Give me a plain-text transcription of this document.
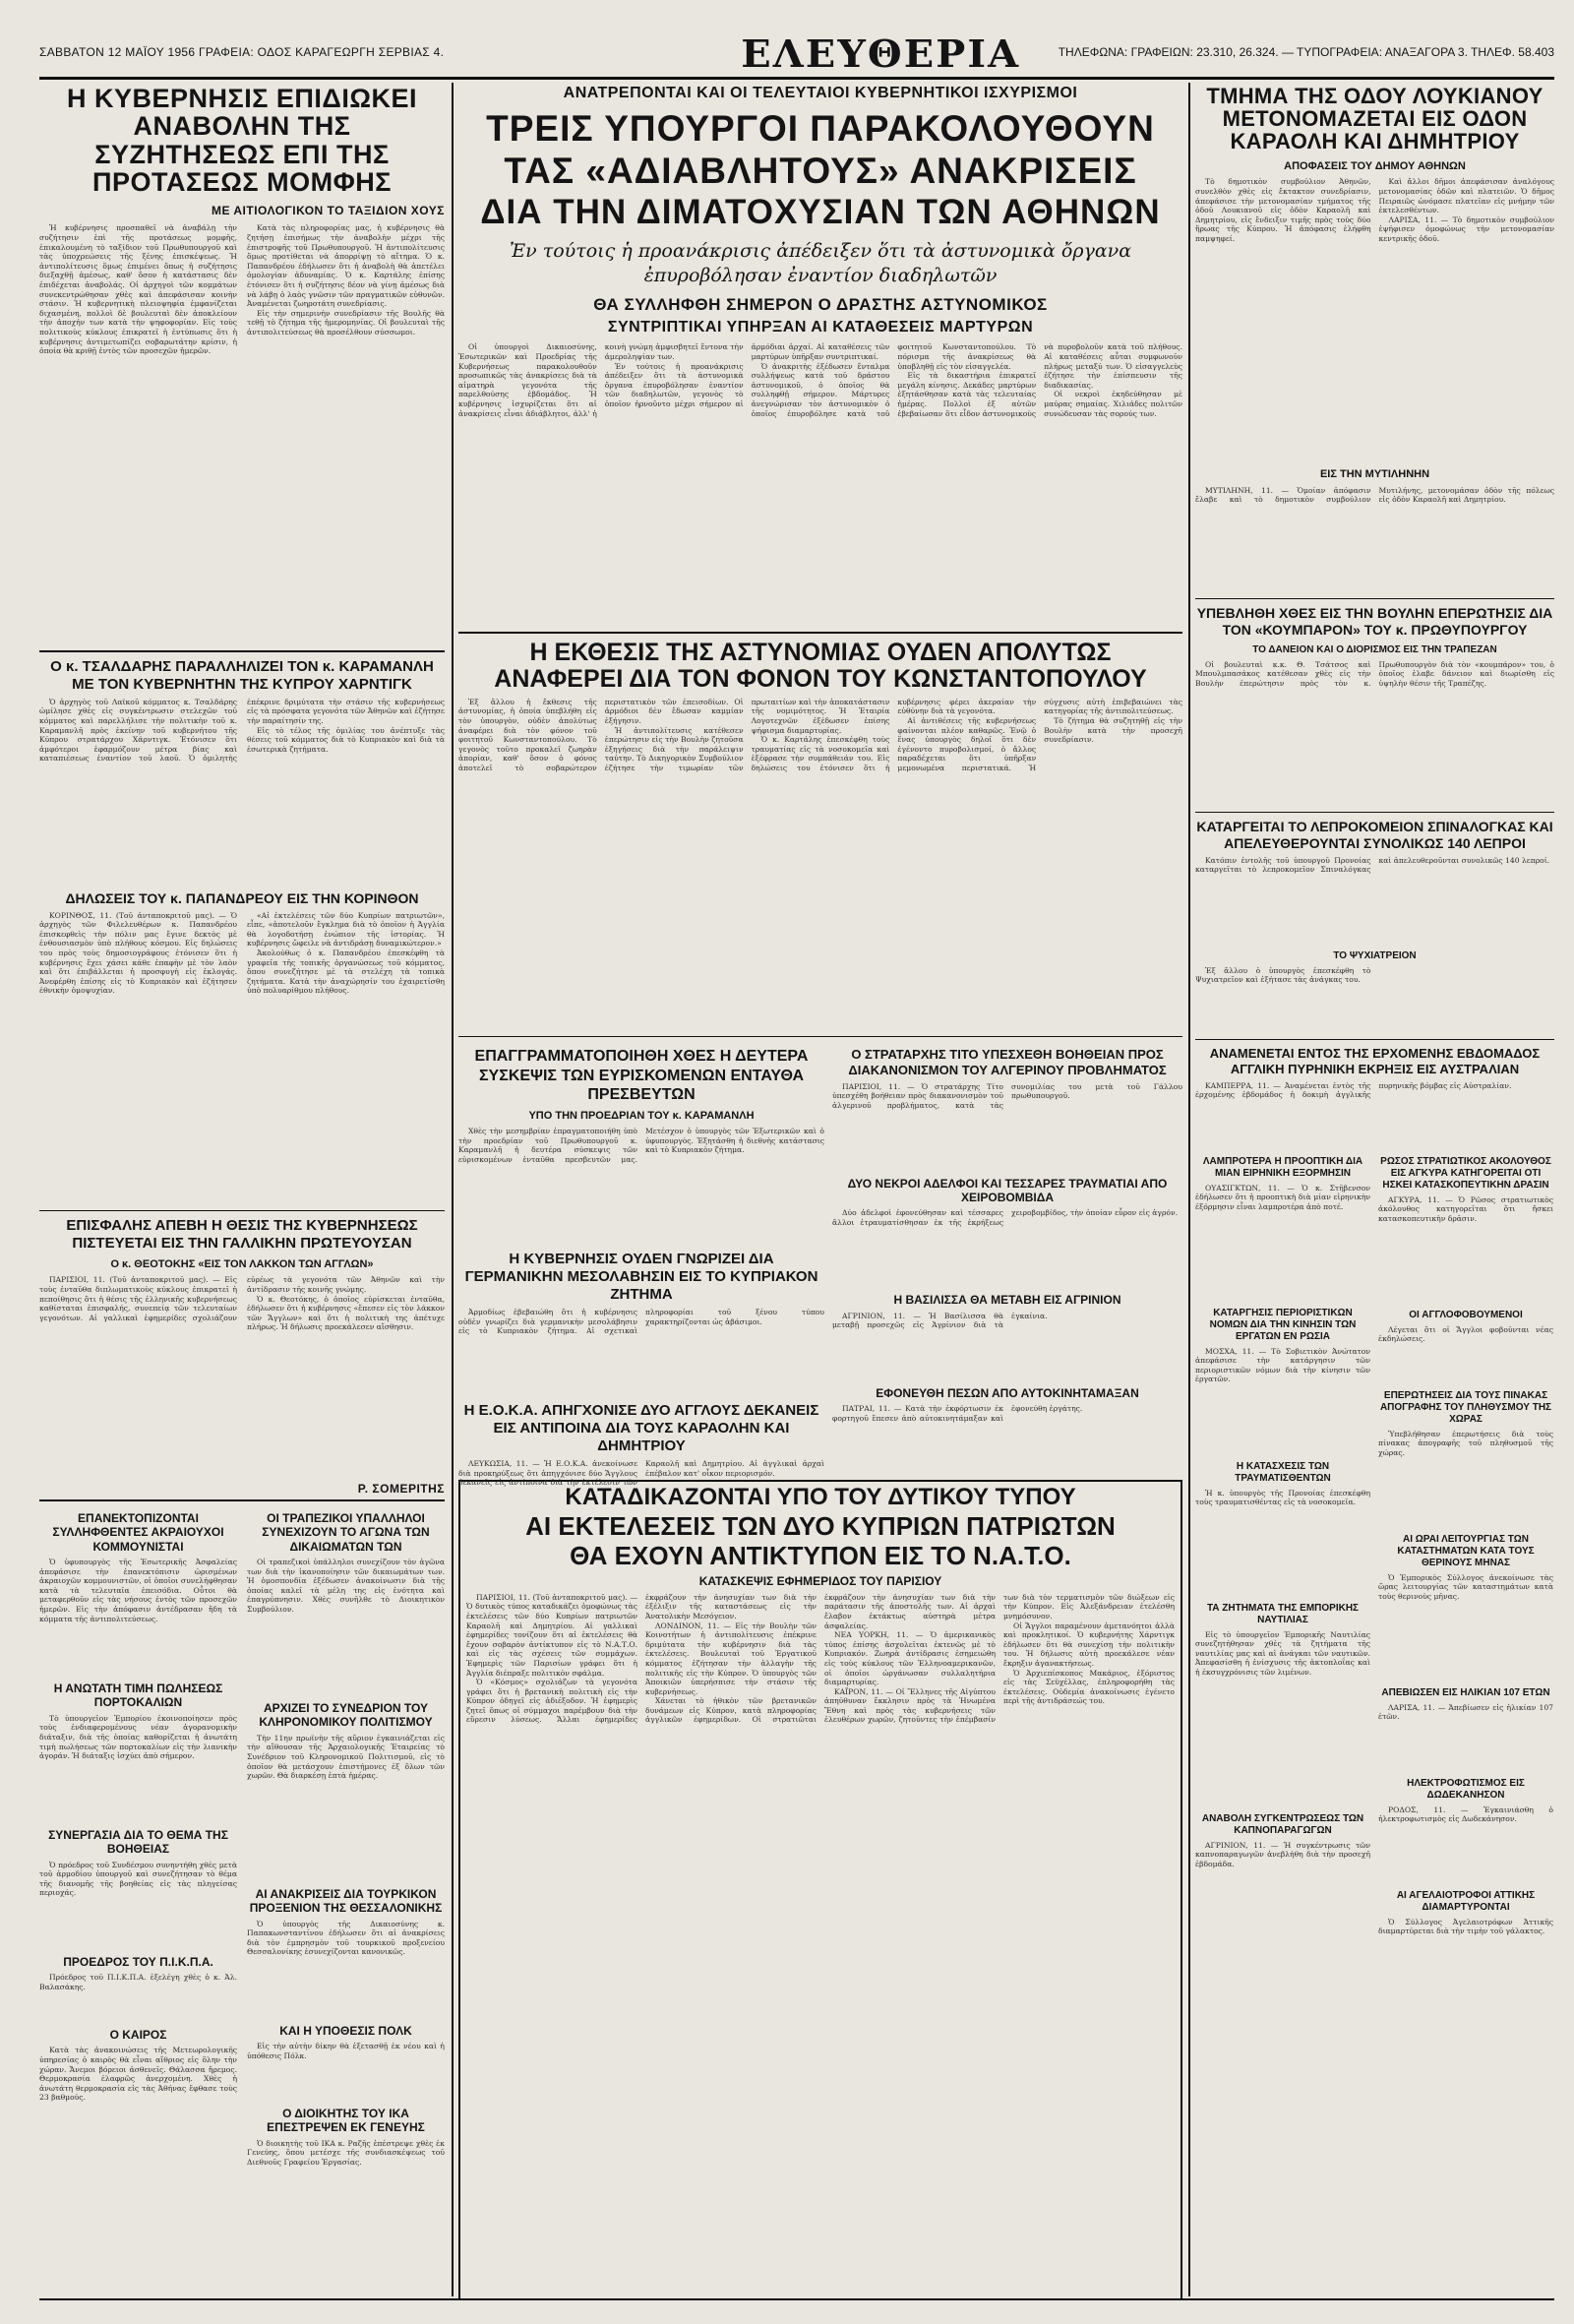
ΣΑΒΒΑΤΟΝ 12 ΜΑΪΟΥ 1956 ΓΡΑΦΕΙΑ: ΟΔΟΣ ΚΑΡΑΓΕΩΡΓΗ ΣΕΡΒΙΑΣ 4.	ΕΛΕΥΘΕΡΙΑ	ΤΗΛΕΦΩΝΑ: ΓΡΑΦΕΙΩΝ: 23.310, 26.324. — ΤΥΠΟΓΡΑΦΕΙΑ: ΑΝΑΞΑΓΟΡΑ 3. ΤΗΛΕΦ. 58.403
Η ΚΥΒΕΡΝΗΣΙΣ ΕΠΙΔΙΩΚΕΙ ΑΝΑΒΟΛΗΝ ΤΗΣ ΣΥΖΗΤΗΣΕΩΣ ΕΠΙ ΤΗΣ ΠΡΟΤΑΣΕΩΣ ΜΟΜΦΗΣ
ΜΕ ΑΙΤΙΟΛΟΓΙΚΟΝ ΤΟ ΤΑΞΙΔΙΟΝ ΧΟΥΣ

Ἡ κυβέρνησις προσπαθεῖ νὰ ἀναβάλῃ τὴν συζήτησιν ἐπὶ τῆς προτάσεως μομφῆς, ἐπικαλουμένη τὸ ταξίδιον τοῦ Πρωθυπουργοῦ καὶ τὰς ὑποχρεώσεις τῆς ξένης ἐπισκέψεως. Ἡ ἀντιπολίτευσις ὅμως ἐπιμένει ὅπως ἡ συζήτησις διεξαχθῇ ἀμέσως, καθ' ὅσον ἡ κατάστασις δὲν ἐπιδέχεται ἀναβολάς. Οἱ ἀρχηγοὶ τῶν κομμάτων συνεκεντρώθησαν χθὲς καὶ ἀπεφάσισαν κοινὴν στάσιν. Ἡ κυβερνητικὴ πλειοψηφία ἐμφανίζεται διχασμένη, πολλοὶ δὲ βουλευταὶ δὲν ἀποκλείουν τὴν ἀποχήν των κατὰ τὴν ψηφοφορίαν. Εἰς τοὺς πολιτικοὺς κύκλους ἐπικρατεῖ ἡ ἐντύπωσις ὅτι ἡ κυβέρνησις ἀντιμετωπίζει σοβαρωτάτην κρίσιν, ἡ ὁποία θὰ κριθῇ ἐντὸς τῶν προσεχῶν ἡμερῶν.

Κατὰ τὰς πληροφορίας μας, ἡ κυβέρνησις θὰ ζητήσῃ ἐπισήμως τὴν ἀναβολὴν μέχρι τῆς ἐπιστροφῆς τοῦ Πρωθυπουργοῦ. Ἡ ἀντιπολίτευσις ὅμως προτίθεται νὰ ἀπορρίψῃ τὸ αἴτημα. Ὁ κ. Παπανδρέου ἐδήλωσεν ὅτι ἡ ἀναβολὴ θὰ ἀπετέλει ὁμολογίαν ἀδυναμίας. Ὁ κ. Καρτάλης ἐπίσης ἐτόνισεν ὅτι ἡ συζήτησις δέον νὰ γίνῃ ἀμέσως διὰ νὰ λάβῃ ὁ λαὸς γνῶσιν τῶν πραγματικῶν εὐθυνῶν. Ἀναμένεται ζωηροτάτη συνεδρίασις.

Εἰς τὴν σημερινὴν συνεδρίασιν τῆς Βουλῆς θὰ τεθῇ τὸ ζήτημα τῆς ἡμερομηνίας. Οἱ βουλευταὶ τῆς ἀντιπολιτεύσεως θὰ προσέλθουν σύσσωμοι.

Ο κ. ΤΣΑΛΔΑΡΗΣ ΠΑΡΑΛΛΗΛΙΖΕΙ ΤΟΝ κ. ΚΑΡΑΜΑΝΛΗ ΜΕ ΤΟΝ ΚΥΒΕΡΝΗΤΗΝ ΤΗΣ ΚΥΠΡΟΥ ΧΑΡΝΤΙΓΚ

Ὁ ἀρχηγὸς τοῦ Λαϊκοῦ κόμματος κ. Τσαλδάρης ὡμίλησε χθὲς εἰς συγκέντρωσιν στελεχῶν τοῦ κόμματος καὶ παρελλήλισε τὴν πολιτικὴν τοῦ κ. Καραμανλῆ πρὸς ἐκείνην τοῦ κυβερνήτου τῆς Κύπρου στρατάρχου Χάρντιγκ. Ἐτόνισεν ὅτι ἀμφότεροι ἐφαρμόζουν μέτρα βίας καὶ καταπιέσεως ἐναντίον τοῦ λαοῦ. Ὁ ὁμιλητὴς ἐπέκρινε δριμύτατα τὴν στάσιν τῆς κυβερνήσεως εἰς τὰ πρόσφατα γεγονότα τῶν Ἀθηνῶν καὶ ἐζήτησε τὴν παραίτησίν της.

Εἰς τὸ τέλος τῆς ὁμιλίας του ἀνέπτυξε τὰς θέσεις τοῦ κόμματος διὰ τὸ Κυπριακὸν καὶ διὰ τὰ ἐσωτερικὰ ζητήματα.

ΔΗΛΩΣΕΙΣ ΤΟΥ κ. ΠΑΠΑΝΔΡΕΟΥ ΕΙΣ ΤΗΝ ΚΟΡΙΝΘΟΝ

ΚΟΡΙΝΘΟΣ, 11. (Τοῦ ἀνταποκριτοῦ μας). — Ὁ ἀρχηγὸς τῶν Φιλελευθέρων κ. Παπανδρέου ἐπισκεφθεὶς τὴν πόλιν μας ἔγινε δεκτὸς μὲ ἐνθουσιασμὸν ὑπὸ πλήθους κόσμου. Εἰς δηλώσεις του πρὸς τοὺς δημοσιογράφους ἐτόνισεν ὅτι ἡ κυβέρνησις ἔχει χάσει κάθε ἐπαφὴν μὲ τὸν λαὸν καὶ ὅτι ἐπιβάλλεται ἡ προσφυγὴ εἰς ἐκλογάς. Ἀνεφέρθη ἐπίσης εἰς τὸ Κυπριακὸν καὶ ἐζήτησεν ἐθνικὴν ὁμοψυχίαν.

«Αἱ ἐκτελέσεις τῶν δύο Κυπρίων πατριωτῶν», εἶπε, «ἀποτελοῦν ἔγκλημα διὰ τὸ ὁποῖον ἡ Ἀγγλία θὰ λογοδοτήσῃ ἐνώπιον τῆς ἱστορίας. Ἡ κυβέρνησις ὤφειλε νὰ ἀντιδράσῃ δυναμικώτερον.»

Ἀκολούθως ὁ κ. Παπανδρέου ἐπεσκέφθη τὰ γραφεῖα τῆς τοπικῆς ὀργανώσεως τοῦ κόμματος, ὅπου συνεζήτησε μὲ τὰ στελέχη τὰ τοπικὰ ζητήματα. Κατὰ τὴν ἀναχώρησίν του ἐχαιρετίσθη ὑπὸ πολυαρίθμου πλήθους.

ΕΠΙΣΦΑΛΗΣ ΑΠΕΒΗ Η ΘΕΣΙΣ ΤΗΣ ΚΥΒΕΡΝΗΣΕΩΣ ΠΙΣΤΕΥΕΤΑΙ ΕΙΣ ΤΗΝ ΓΑΛΛΙΚΗΝ ΠΡΩΤΕΥΟΥΣΑΝ
Ο κ. ΘΕΟΤΟΚΗΣ «ΕΙΣ ΤΟΝ ΛΑΚΚΟΝ ΤΩΝ ΑΓΓΛΩΝ»

ΠΑΡΙΣΙΟΙ, 11. (Τοῦ ἀνταποκριτοῦ μας). — Εἰς τοὺς ἐνταῦθα διπλωματικοὺς κύκλους ἐπικρατεῖ ἡ πεποίθησις ὅτι ἡ θέσις τῆς ἑλληνικῆς κυβερνήσεως καθίσταται ἐπισφαλής, συνεπείᾳ τῶν τελευταίων γεγονότων. Αἱ γαλλικαὶ ἐφημερίδες σχολιάζουν εὐρέως τὰ γεγονότα τῶν Ἀθηνῶν καὶ τὴν ἀντίδρασιν τῆς κοινῆς γνώμης.

Ὁ κ. Θεοτόκης, ὁ ὁποῖος εὑρίσκεται ἐνταῦθα, ἐδήλωσεν ὅτι ἡ κυβέρνησις «ἔπεσεν εἰς τὸν λάκκον τῶν Ἄγγλων» καὶ ὅτι ἡ πολιτικὴ της ἀπέτυχε πλήρως. Ἡ δήλωσις προεκάλεσεν αἴσθησιν.

Ρ. ΣΟΜΕΡΙΤΗΣ
ΕΠΑΝΕΚΤΟΠΙΖΟΝΤΑΙ ΣΥΛΛΗΦΘΕΝΤΕΣ ΑΚΡΑΙΟΥΧΟΙ ΚΟΜΜΟΥΝΙΣΤΑΙ

Ὁ ὑφυπουργὸς τῆς Ἐσωτερικῆς Ἀσφαλείας ἀπεφάσισε τὴν ἐπανεκτόπισιν ὡρισμένων ἀκραιοχῶν κομμουνιστῶν, οἱ ὁποῖοι συνελήφθησαν κατὰ τὰ τελευταῖα ἐπεισόδια. Οὗτοι θὰ μεταφερθοῦν εἰς τὰς νήσους ἐντὸς τῶν προσεχῶν ἡμερῶν. Εἰς τὴν ἀπόφασιν ἀντέδρασαν ἤδη τὰ κόμματα τῆς ἀντιπολιτεύσεως.

Η ΑΝΩΤΑΤΗ ΤΙΜΗ ΠΩΛΗΣΕΩΣ ΠΟΡΤΟΚΑΛΙΩΝ

Τὸ ὑπουργεῖον Ἐμπορίου ἐκοινοποίησεν πρὸς τοὺς ἐνδιαφερομένους νέαν ἀγορανομικὴν διάταξιν, διὰ τῆς ὁποίας καθορίζεται ἡ ἀνωτάτη τιμὴ πωλήσεως τῶν πορτοκαλίων εἰς τὴν λιανικὴν ἀγοράν. Ἡ διάταξις ἰσχύει ἀπὸ σήμερον.

ΣΥΝΕΡΓΑΣΙΑ ΔΙΑ ΤΟ ΘΕΜΑ ΤΗΣ ΒΟΗΘΕΙΑΣ

Ὁ πρόεδρος τοῦ Συνδέσμου συνηντήθη χθὲς μετὰ τοῦ ἀρμοδίου ὑπουργοῦ καὶ συνεζήτησαν τὸ θέμα τῆς διανομῆς τῆς βοηθείας εἰς τὰς πληγείσας περιοχάς.

ΠΡΟΕΔΡΟΣ ΤΟΥ Π.Ι.Κ.Π.Α.

Πρόεδρος τοῦ Π.Ι.Κ.Π.Α. ἐξελέγη χθὲς ὁ κ. Ἀλ. Βαλασάκης.

Ο ΚΑΙΡΟΣ

Κατὰ τὰς ἀνακοινώσεις τῆς Μετεωρολογικῆς ὑπηρεσίας ὁ καιρὸς θὰ εἶναι αἴθριος εἰς ὅλην τὴν χώραν. Ἄνεμοι βόρειοι ἀσθενεῖς. Θάλασσα ἤρεμος. Θερμοκρασία ἐλαφρῶς ἀνερχομένη. Χθὲς ἡ ἀνωτάτη θερμοκρασία εἰς τὰς Ἀθήνας ἔφθασε τοὺς 23 βαθμούς.

ΟΙ ΤΡΑΠΕΖΙΚΟΙ ΥΠΑΛΛΗΛΟΙ ΣΥΝΕΧΙΖΟΥΝ ΤΟ ΑΓΩΝΑ ΤΩΝ ΔΙΚΑΙΩΜΑΤΩΝ ΤΩΝ

Οἱ τραπεζικοὶ ὑπάλληλοι συνεχίζουν τὸν ἀγῶνα των διὰ τὴν ἱκανοποίησιν τῶν δικαιωμάτων των. Ἡ ὁμοσπονδία ἐξέδωσεν ἀνακοίνωσιν διὰ τῆς ὁποίας καλεῖ τὰ μέλη της εἰς ἑνότητα καὶ ἐπαγρύπνησιν. Χθὲς συνῆλθε τὸ Διοικητικὸν Συμβούλιον.

ΑΡΧΙΖΕΙ ΤΟ ΣΥΝΕΔΡΙΟΝ ΤΟΥ ΚΛΗΡΟΝΟΜΙΚΟΥ ΠΟΛΙΤΙΣΜΟΥ

Τὴν 11ην πρωϊνὴν τῆς αὔριον ἐγκαινιάζεται εἰς τὴν αἴθουσαν τῆς Ἀρχαιολογικῆς Ἑταιρείας τὸ Συνέδριον τοῦ Κληρονομικοῦ Πολιτισμοῦ, εἰς τὸ ὁποῖον θὰ μετάσχουν ἐπιστήμονες ἐξ ὅλων τῶν χωρῶν. Θὰ διαρκέσῃ ἑπτὰ ἡμέρας.

ΑΙ ΑΝΑΚΡΙΣΕΙΣ ΔΙΑ ΤΟΥΡΚΙΚΟΝ ΠΡΟΞΕΝΙΟΝ ΤΗΣ ΘΕΣΣΑΛΟΝΙΚΗΣ

Ὁ ὑπουργὸς τῆς Δικαιοσύνης κ. Παπακωνσταντίνου ἐδήλωσεν ὅτι αἱ ἀνακρίσεις διὰ τὸν ἐμπρησμὸν τοῦ τουρκικοῦ προξενείου Θεσσαλονίκης ἐσυνεχίζονται κανονικῶς.

ΚΑΙ Η ΥΠΟΘΕΣΙΣ ΠΟΛΚ

Εἰς τὴν αὐτὴν δίκην θὰ ἐξετασθῇ ἐκ νέου καὶ ἡ ὑπόθεσις Πόλκ.

Ο ΔΙΟΙΚΗΤΗΣ ΤΟΥ ΙΚΑ ΕΠΕΣΤΡΕΨΕΝ ΕΚ ΓΕΝΕΥΗΣ

Ὁ διοικητὴς τοῦ ΙΚΑ κ. Ραζῆς ἐπέστρεψε χθὲς ἐκ Γενεύης, ὅπου μετέσχε τῆς συνδιασκέψεως τοῦ Διεθνοῦς Γραφείου Ἐργασίας.

ΑΝΑΤΡΕΠΟΝΤΑΙ ΚΑΙ ΟΙ ΤΕΛΕΥΤΑΙΟΙ ΚΥΒΕΡΝΗΤΙΚΟΙ ΙΣΧΥΡΙΣΜΟΙ
ΤΡΕΙΣ ΥΠΟΥΡΓΟΙ ΠΑΡΑΚΟΛΟΥΘΟΥΝ
ΤΑΣ «ΑΔΙΑΒΛΗΤΟΥΣ» ΑΝΑΚΡΙΣΕΙΣ
ΔΙΑ ΤΗΝ ΔΙΜΑΤΟΧΥΣΙΑΝ ΤΩΝ ΑΘΗΝΩΝ
Ἐν τούτοις ἡ προανάκρισις ἀπέδειξεν ὅτι τὰ ἀστυνομικὰ ὄργανα ἐπυροβόλησαν ἐναντίον διαδηλωτῶν
ΘΑ ΣΥΛΛΗΦΘΗ ΣΗΜΕΡΟΝ Ο ΔΡΑΣΤΗΣ ΑΣΤΥΝΟΜΙΚΟΣ
ΣΥΝΤΡΙΠΤΙΚΑΙ ΥΠΗΡΞΑΝ ΑΙ ΚΑΤΑΘΕΣΕΙΣ ΜΑΡΤΥΡΩΝ

Οἱ ὑπουργοὶ Δικαιοσύνης, Ἐσωτερικῶν καὶ Προεδρίας τῆς Κυβερνήσεως παρακολουθοῦν προσωπικῶς τὰς ἀνακρίσεις διὰ τὰ αἱματηρὰ γεγονότα τῆς παρελθούσης ἑβδομάδος. Ἡ κυβέρνησις ἰσχυρίζεται ὅτι αἱ ἀνακρίσεις εἶναι ἀδιάβλητοι, ἀλλ' ἡ κοινὴ γνώμη ἀμφισβητεῖ ἔντονα τὴν ἀμεροληψίαν των.

Ἐν τούτοις ἡ προανάκρισις ἀπέδειξεν ὅτι τὰ ἀστυνομικὰ ὄργανα ἐπυροβόλησαν ἐναντίον τῶν διαδηλωτῶν, γεγονὸς τὸ ὁποῖον ἠρνοῦντο μέχρι σήμερον αἱ ἀρμόδιαι ἀρχαί. Αἱ καταθέσεις τῶν μαρτύρων ὑπῆρξαν συντριπτικαί.

Ὁ ἀνακριτὴς ἐξέδωσεν ἔνταλμα συλλήψεως κατὰ τοῦ δράστου ἀστυνομικοῦ, ὁ ὁποῖος θὰ συλληφθῇ σήμερον. Μάρτυρες ἀνεγνώρισαν τὸν ἀστυνομικὸν ὁ ὁποῖος ἐπυροβόλησε κατὰ τοῦ φοιτητοῦ Κωνσταντοπούλου. Τὸ πόρισμα τῆς ἀνακρίσεως θὰ ὑποβληθῇ εἰς τὸν εἰσαγγελέα.

Εἰς τὰ δικαστήρια ἐπικρατεῖ μεγάλη κίνησις. Δεκάδες μαρτύρων ἐξητάσθησαν κατὰ τὰς τελευταίας ἡμέρας. Πολλοὶ ἐξ αὐτῶν ἐβεβαίωσαν ὅτι εἶδον ἀστυνομικοὺς νὰ πυροβολοῦν κατὰ τοῦ πλήθους. Αἱ καταθέσεις αὗται συμφωνοῦν πλήρως μεταξύ των. Ὁ εἰσαγγελεὺς ἐζήτησε τὴν ἐπίσπευσιν τῆς διαδικασίας.

Οἱ νεκροὶ ἐκηδεύθησαν μὲ μαύρας σημαίας. Χιλιάδες πολιτῶν συνώδευσαν τὰς σορούς των.

Η ΕΚΘΕΣΙΣ ΤΗΣ ΑΣΤΥΝΟΜΙΑΣ ΟΥΔΕΝ ΑΠΟΛΥΤΩΣ ΑΝΑΦΕΡΕΙ ΔΙΑ ΤΟΝ ΦΟΝΟΝ ΤΟΥ ΚΩΝΣΤΑΝΤΟΠΟΥΛΟΥ

Ἐξ ἄλλου ἡ ἔκθεσις τῆς ἀστυνομίας, ἡ ὁποία ὑπεβλήθη εἰς τὸν ὑπουργὸν, οὐδὲν ἀπολύτως ἀναφέρει διὰ τὸν φόνον τοῦ φοιτητοῦ Κωνσταντοπούλου. Τὸ γεγονὸς τοῦτο προκαλεῖ ζωηρὰν ἀπορίαν, καθ' ὅσον ὁ φόνος ἀποτελεῖ τὸ σοβαρώτερον περιστατικὸν τῶν ἐπεισοδίων. Οἱ ἀρμόδιοι δὲν ἔδωσαν καμμίαν ἐξήγησιν.

Ἡ ἀντιπολίτευσις κατέθεσεν ἐπερώτησιν εἰς τὴν Βουλὴν ζητοῦσα ἐξηγήσεις διὰ τὴν παράλειψιν ταύτην. Τὸ Δικηγορικὸν Συμβούλιον ἐζήτησε τὴν τιμωρίαν τῶν πρωταιτίων καὶ τὴν ἀποκατάστασιν τῆς νομιμότητος. Ἡ Ἑταιρία Λογοτεχνῶν ἐξέδωσεν ἐπίσης ψήφισμα διαμαρτυρίας.

Ὁ κ. Καρτάλης ἐπεσκέφθη τοὺς τραυματίας εἰς τὰ νοσοκομεῖα καὶ ἐξέφρασε τὴν συμπάθειάν του. Εἰς δηλώσεις του ἐτόνισεν ὅτι ἡ κυβέρνησις φέρει ἀκεραίαν τὴν εὐθύνην διὰ τὰ γεγονότα.

Αἱ ἀντιθέσεις τῆς κυβερνήσεως φαίνονται πλέον καθαρῶς. Ἐνῷ ὁ ἕνας ὑπουργὸς δηλοῖ ὅτι δὲν ἐγένοντο πυροβολισμοί, ὁ ἄλλος παραδέχεται ὅτι ὑπῆρξαν μεμονωμένα περιστατικά. Ἡ σύγχυσις αὐτὴ ἐπιβεβαιώνει τὰς κατηγορίας τῆς ἀντιπολιτεύσεως.

Τὸ ζήτημα θὰ συζητηθῇ εἰς τὴν Βουλὴν κατὰ τὴν προσεχῆ συνεδρίασιν.

ΕΠΑΓΓΡΑΜΜΑΤΟΠΟΙΗΘΗ ΧΘΕΣ Η ΔΕΥΤΕΡΑ ΣΥΣΚΕΨΙΣ ΤΩΝ ΕΥΡΙΣΚΟΜΕΝΩΝ ΕΝΤΑΥΘΑ ΠΡΕΣΒΕΥΤΩΝ
ΥΠΟ ΤΗΝ ΠΡΟΕΔΡΙΑΝ ΤΟΥ κ. ΚΑΡΑΜΑΝΛΗ

Χθὲς τὴν μεσημβρίαν ἐπραγματοποιήθη ὑπὸ τὴν προεδρίαν τοῦ Πρωθυπουργοῦ κ. Καραμανλῆ ἡ δευτέρα σύσκεψις τῶν εὑρισκομένων ἐνταῦθα πρεσβευτῶν μας. Μετέσχον ὁ ὑπουργὸς τῶν Ἐξωτερικῶν καὶ ὁ ὑφυπουργὸς. Ἐξητάσθη ἡ διεθνὴς κατάστασις καὶ τὸ Κυπριακὸν ζήτημα.

Η ΚΥΒΕΡΝΗΣΙΣ ΟΥΔΕΝ ΓΝΩΡΙΖΕΙ ΔΙΑ ΓΕΡΜΑΝΙΚΗΝ ΜΕΣΟΛΑΒΗΣΙΝ ΕΙΣ ΤΟ ΚΥΠΡΙΑΚΟΝ ΖΗΤΗΜΑ

Ἀρμοδίως ἐβεβαιώθη ὅτι ἡ κυβέρνησις οὐδὲν γνωρίζει διὰ γερμανικὴν μεσολάβησιν εἰς τὸ Κυπριακὸν ζήτημα. Αἱ σχετικαὶ πληροφορίαι τοῦ ξένου τύπου χαρακτηρίζονται ὡς ἀβάσιμοι.

Η Ε.Ο.Κ.Α. ΑΠΗΓΧΟΝΙΣΕ ΔΥΟ ΑΓΓΛΟΥΣ ΔΕΚΑΝΕΙΣ ΕΙΣ ΑΝΤΙΠΟΙΝΑ ΔΙΑ ΤΟΥΣ ΚΑΡΑΟΛΗΝ ΚΑΙ ΔΗΜΗΤΡΙΟΥ

ΛΕΥΚΩΣΙΑ, 11. — Ἡ Ε.Ο.Κ.Α. ἀνεκοίνωσε διὰ προκηρύξεως ὅτι ἀπηγχόνισε δύο Ἄγγλους δεκανεῖς εἰς ἀντίποινα διὰ τὴν ἐκτέλεσιν τῶν Καραολῆ καὶ Δημητρίου. Αἱ ἀγγλικαὶ ἀρχαὶ ἐπέβαλον κατ' οἶκον περιορισμόν.

Ο ΣΤΡΑΤΑΡΧΗΣ ΤΙΤΟ ΥΠΕΣΧΕΘΗ ΒΟΗΘΕΙΑΝ ΠΡΟΣ ΔΙΑΚΑΝΟΝΙΣΜΟΝ ΤΟΥ ΑΛΓΕΡΙΝΟΥ ΠΡΟΒΛΗΜΑΤΟΣ

ΠΑΡΙΣΙΟΙ, 11. — Ὁ στρατάρχης Τίτο ὑπεσχέθη βοήθειαν πρὸς διακανονισμὸν τοῦ ἀλγερινοῦ προβλήματος, κατὰ τὰς συνομιλίας του μετὰ τοῦ Γάλλου πρωθυπουργοῦ.

ΔΥΟ ΝΕΚΡΟΙ ΑΔΕΛΦΟΙ ΚΑΙ ΤΕΣΣΑΡΕΣ ΤΡΑΥΜΑΤΙΑΙ ΑΠΟ ΧΕΙΡΟΒΟΜΒΙΔΑ

Δύο ἀδελφοὶ ἐφονεύθησαν καὶ τέσσαρες ἄλλοι ἐτραυματίσθησαν ἐκ τῆς ἐκρήξεως χειροβομβίδος, τὴν ὁποίαν εὗρον εἰς ἀγρόν.

Η ΒΑΣΙΛΙΣΣΑ ΘΑ ΜΕΤΑΒΗ ΕΙΣ ΑΓΡΙΝΙΟΝ

ΑΓΡΙΝΙΟΝ, 11. — Ἡ Βασίλισσα θὰ μεταβῇ προσεχῶς εἰς Ἀγρίνιον διὰ τὰ ἐγκαίνια.

ΕΦΟΝΕΥΘΗ ΠΕΣΩΝ ΑΠΟ ΑΥΤΟΚΙΝΗΤΑΜΑΞΑΝ

ΠΑΤΡΑΙ, 11. — Κατὰ τὴν ἐκφόρτωσιν ἐκ φορτηγοῦ ἔπεσεν ἀπὸ αὐτοκινητάμαξαν καὶ ἐφονεύθη ἐργάτης.

ΚΑΤΑΔΙΚΑΖΟΝΤΑΙ ΥΠΟ ΤΟΥ ΔΥΤΙΚΟΥ ΤΥΠΟΥ
ΑΙ ΕΚΤΕΛΕΣΕΙΣ ΤΩΝ ΔΥΟ ΚΥΠΡΙΩΝ ΠΑΤΡΙΩΤΩΝ
ΘΑ ΕΧΟΥΝ ΑΝΤΙΚΤΥΠΟΝ ΕΙΣ ΤΟ Ν.Α.Τ.Ο.
ΚΑΤΑΣΚΕΨΙΣ ΕΦΗΜΕΡΙΔΟΣ ΤΟΥ ΠΑΡΙΣΙΟΥ

ΠΑΡΙΣΙΟΙ, 11. (Τοῦ ἀνταποκριτοῦ μας). — Ὁ δυτικὸς τύπος καταδικάζει ὁμοφώνως τὰς ἐκτελέσεις τῶν δύο Κυπρίων πατριωτῶν Καραολῆ καὶ Δημητρίου. Αἱ γαλλικαὶ ἐφημερίδες τονίζουν ὅτι αἱ ἐκτελέσεις θὰ ἔχουν σοβαρὸν ἀντίκτυπον εἰς τὸ Ν.Α.Τ.Ο. καὶ εἰς τὰς σχέσεις τῶν συμμάχων. Ἐφημερὶς τῶν Παρισίων γράφει ὅτι ἡ Ἀγγλία διέπραξε πολιτικὸν σφάλμα.

Ὁ «Κόσμος» σχολιάζων τὰ γεγονότα γράφει ὅτι ἡ βρετανικὴ πολιτικὴ εἰς τὴν Κύπρον ὁδηγεῖ εἰς ἀδιέξοδον. Ἡ ἐφημερὶς ζητεῖ ὅπως οἱ σύμμαχοι παρέμβουν διὰ τὴν εὕρεσιν λύσεως. Ἄλλαι ἐφημερίδες ἐκφράζουν τὴν ἀνησυχίαν των διὰ τὴν ἐξέλιξιν τῆς καταστάσεως εἰς τὴν Ἀνατολικὴν Μεσόγειον.

ΛΟΝΔΙΝΟΝ, 11. — Εἰς τὴν Βουλὴν τῶν Κοινοτήτων ἡ ἀντιπολίτευσις ἐπέκρινε δριμύτατα τὴν κυβέρνησιν διὰ τὰς ἐκτελέσεις. Βουλευταὶ τοῦ Ἐργατικοῦ κόμματος ἐζήτησαν τὴν ἀλλαγὴν τῆς πολιτικῆς εἰς τὴν Κύπρον. Ὁ ὑπουργὸς τῶν Ἀποικιῶν ὑπερήσπισε τὴν στάσιν τῆς κυβερνήσεως.

Χάνεται τὸ ἠθικὸν τῶν βρετανικῶν δυνάμεων εἰς Κύπρον, κατὰ πληροφορίας ἀγγλικῶν ἐφημερίδων. Οἱ στρατιῶται ἐκφράζουν τὴν ἀνησυχίαν των διὰ τὴν παράτασιν τῆς ἀποστολῆς των. Αἱ ἀρχαὶ ἔλαβον ἐκτάκτως αὐστηρὰ μέτρα ἀσφαλείας.

ΝΕΑ ΥΟΡΚΗ, 11. — Ὁ ἀμερικανικὸς τύπος ἐπίσης ἀσχολεῖται ἐκτενῶς μὲ τὸ Κυπριακόν. Ζωηρὰ ἀντίδρασις ἐσημειώθη εἰς τοὺς κύκλους τῶν Ἑλληνοαμερικανῶν, οἱ ὁποῖοι ὠργάνωσαν συλλαλητήρια διαμαρτυρίας.

ΚΑΪΡΟΝ, 11. — Οἱ Ἕλληνες τῆς Αἰγύπτου ἀπηύθυναν ἔκκλησιν πρὸς τὰ Ἡνωμένα Ἔθνη καὶ πρὸς τὰς κυβερνήσεις τῶν ἐλευθέρων χωρῶν, ζητοῦντες τὴν ἐπέμβασίν των διὰ τὸν τερματισμὸν τῶν διώξεων εἰς τὴν Κύπρον. Εἰς Ἀλεξάνδρειαν ἐτελέσθη μνημόσυνον.

Οἱ Ἄγγλοι παραμένουν ἀμετανόητοι ἀλλὰ καὶ προκλητικοί. Ὁ κυβερνήτης Χάρντιγκ ἐδήλωσεν ὅτι θὰ συνεχίσῃ τὴν πολιτικὴν του. Ἡ δήλωσις αὐτὴ προεκάλεσε νέαν ἔκρηξιν ἀγανακτήσεως.

Ὁ Ἀρχιεπίσκοπος Μακάριος, ἐξόριστος εἰς τὰς Σεϋχέλλας, ἐπληροφορήθη τὰς ἐκτελέσεις. Οὐδεμία ἀνακοίνωσις ἐγένετο περὶ τῆς ἀντιδράσεώς του.

ΤΜΗΜΑ ΤΗΣ ΟΔΟΥ ΛΟΥΚΙΑΝΟΥ ΜΕΤΟΝΟΜΑΖΕΤΑΙ ΕΙΣ ΟΔΟΝ ΚΑΡΑΟΛΗ ΚΑΙ ΔΗΜΗΤΡΙΟΥ
ΑΠΟΦΑΣΕΙΣ ΤΟΥ ΔΗΜΟΥ ΑΘΗΝΩΝ

Τὸ δημοτικὸν συμβούλιον Ἀθηνῶν, συνελθὸν χθὲς εἰς ἔκτακτον συνεδρίασιν, ἀπεφάσισε τὴν μετονομασίαν τμήματος τῆς ὁδοῦ Λουκιανοῦ εἰς ὁδὸν Καραολῆ καὶ Δημητρίου, εἰς ἔνδειξιν τιμῆς πρὸς τοὺς δύο ἥρωας τῆς Κύπρου. Ἡ ἀπόφασις ἐλήφθη παμψηφεί.

Καὶ ἄλλοι δῆμοι ἀπεφάσισαν ἀναλόγους μετονομασίας ὁδῶν καὶ πλατειῶν. Ὁ δῆμος Πειραιῶς ὠνόμασε πλατεῖαν εἰς μνήμην τῶν ἐκτελεσθέντων.

ΛΑΡΙΣΑ, 11. — Τὸ δημοτικὸν συμβούλιον ἐψήφισεν ὁμοφώνως τὴν μετονομασίαν κεντρικῆς ὁδοῦ.

ΕΙΣ ΤΗΝ ΜΥΤΙΛΗΝΗΝ

ΜΥΤΙΛΗΝΗ, 11. — Ὁμοίαν ἀπόφασιν ἔλαβε καὶ τὸ δημοτικὸν συμβούλιον Μυτιλήνης, μετονομάσαν ὁδὸν τῆς πόλεως εἰς ὁδὸν Καραολῆ καὶ Δημητρίου.

ΥΠΕΒΛΗΘΗ ΧΘΕΣ ΕΙΣ ΤΗΝ ΒΟΥΛΗΝ ΕΠΕΡΩΤΗΣΙΣ ΔΙΑ ΤΟΝ «ΚΟΥΜΠΑΡΟΝ» ΤΟΥ κ. ΠΡΩΘΥΠΟΥΡΓΟΥ
ΤΟ ΔΑΝΕΙΟΝ ΚΑΙ Ο ΔΙΟΡΙΣΜΟΣ ΕΙΣ ΤΗΝ ΤΡΑΠΕΖΑΝ

Οἱ βουλευταὶ κ.κ. Θ. Τσάτσος καὶ Μπουλμπασάκος κατέθεσαν χθὲς εἰς τὴν Βουλὴν ἐπερώτησιν πρὸς τὸν κ. Πρωθυπουργὸν διὰ τὸν «κουμπάρον» του, ὁ ὁποῖος ἐλαβε δάνειον καὶ διωρίσθη εἰς ὑψηλὴν θέσιν τῆς Τραπέζης.

ΚΑΤΑΡΓΕΙΤΑΙ ΤΟ ΛΕΠΡΟΚΟΜΕΙΟΝ ΣΠΙΝΑΛΟΓΚΑΣ ΚΑΙ ΑΠΕΛΕΥΘΕΡΟΥΝΤΑΙ ΣΥΝΟΛΙΚΩΣ 140 ΛΕΠΡΟΙ

Κατόπιν ἐντολῆς τοῦ ὑπουργοῦ Προνοίας καταργεῖται τὸ λεπροκομεῖον Σπιναλόγκας καὶ ἀπελευθεροῦνται συνολικῶς 140 λεπροί.

ΤΟ ΨΥΧΙΑΤΡΕΙΟΝ

Ἐξ ἄλλου ὁ ὑπουργὸς ἐπεσκέφθη τὸ Ψυχιατρεῖον καὶ ἐξήτασε τὰς ἀνάγκας του.

ΑΝΑΜΕΝΕΤΑΙ ΕΝΤΟΣ ΤΗΣ ΕΡΧΟΜΕΝΗΣ ΕΒΔΟΜΑΔΟΣ ΑΓΓΛΙΚΗ ΠΥΡΗΝΙΚΗ ΕΚΡΗΞΙΣ ΕΙΣ ΑΥΣΤΡΑΛΙΑΝ

ΚΑΜΠΕΡΡΑ, 11. — Ἀναμένεται ἐντὸς τῆς ἐρχομένης ἑβδομάδος ἡ δοκιμὴ ἀγγλικῆς πυρηνικῆς βόμβας εἰς Αὐστραλίαν.

ΛΑΜΠΡΟΤΕΡΑ Η ΠΡΟΟΠΤΙΚΗ ΔΙΑ ΜΙΑΝ ΕΙΡΗΝΙΚΗ ΕΞΟΡΜΗΣΙΝ

ΟΥΑΣΙΓΚΤΩΝ, 11. — Ὁ κ. Στῆβενσον ἐδήλωσεν ὅτι ἡ προοπτικὴ διὰ μίαν εἰρηνικὴν ἐξόρμησιν εἶναι λαμπροτέρα ἀπὸ ποτέ.

ΚΑΤΑΡΓΗΣΙΣ ΠΕΡΙΟΡΙΣΤΙΚΩΝ ΝΟΜΩΝ ΔΙΑ ΤΗΝ ΚΙΝΗΣΙΝ ΤΩΝ ΕΡΓΑΤΩΝ ΕΝ ΡΩΣΙΑ

ΜΟΣΧΑ, 11. — Τὸ Σοβιετικὸν Ἀνώτατον ἀπεφάσισε τὴν κατάργησιν τῶν περιοριστικῶν νόμων διὰ τὴν κίνησιν τῶν ἐργατῶν.

Η ΚΑΤΑΣΧΕΣΙΣ ΤΩΝ ΤΡΑΥΜΑΤΙΣΘΕΝΤΩΝ

Ἡ κ. ὑπουργὸς τῆς Προνοίας ἐπεσκέφθη τοὺς τραυματισθέντας εἰς τὰ νοσοκομεῖα.

ΤΑ ΖΗΤΗΜΑΤΑ ΤΗΣ ΕΜΠΟΡΙΚΗΣ ΝΑΥΤΙΛΙΑΣ

Εἰς τὸ ὑπουργεῖον Ἐμπορικῆς Ναυτιλίας συνεζητήθησαν χθὲς τὰ ζητήματα τῆς ναυτιλίας μας καὶ αἱ ἀνάγκαι τῶν ναυτικῶν. Ἀπεφασίσθη ἡ ἐνίσχυσις τῆς ἀκτοπλοΐας καὶ ἡ ἐκσυγχρόνισις τῶν λιμένων.

ΑΝΑΒΟΛΗ ΣΥΓΚΕΝΤΡΩΣΕΩΣ ΤΩΝ ΚΑΠΝΟΠΑΡΑΓΩΓΩΝ

ΑΓΡΙΝΙΟΝ, 11. — Ἡ συγκέντρωσις τῶν καπνοπαραγωγῶν ἀνεβλήθη διὰ τὴν προσεχῆ ἑβδομάδα.

ΡΩΣΟΣ ΣΤΡΑΤΙΩΤΙΚΟΣ ΑΚΟΛΟΥΘΟΣ ΕΙΣ ΑΓΚΥΡΑ ΚΑΤΗΓΟΡΕΙΤΑΙ ΟΤΙ ΗΣΚΕΙ ΚΑΤΑΣΚΟΠΕΥΤΙΚΗΝ ΔΡΑΣΙΝ

ΑΓΚΥΡΑ, 11. — Ὁ Ρῶσος στρατιωτικὸς ἀκόλουθος κατηγορεῖται ὅτι ἤσκει κατασκοπευτικὴν δρᾶσιν.

ΟΙ ΑΓΓΛΟΦΟΒΟΥΜΕΝΟΙ

Λέγεται ὅτι οἱ Ἄγγλοι φοβοῦνται νέας ἐκδηλώσεις.

ΕΠΕΡΩΤΗΣΕΙΣ ΔΙΑ ΤΟΥΣ ΠΙΝΑΚΑΣ ΑΠΟΓΡΑΦΗΣ ΤΟΥ ΠΛΗΘΥΣΜΟΥ ΤΗΣ ΧΩΡΑΣ

Ὑπεβλήθησαν ἐπερωτήσεις διὰ τοὺς πίνακας ἀπογραφῆς τοῦ πληθυσμοῦ τῆς χώρας.

ΑΙ ΩΡΑΙ ΛΕΙΤΟΥΡΓΙΑΣ ΤΩΝ ΚΑΤΑΣΤΗΜΑΤΩΝ ΚΑΤΑ ΤΟΥΣ ΘΕΡΙΝΟΥΣ ΜΗΝΑΣ

Ὁ Ἐμπορικὸς Σύλλογος ἀνεκοίνωσε τὰς ὥρας λειτουργίας τῶν καταστημάτων κατὰ τοὺς θερινοὺς μῆνας.

ΑΠΕΒΙΩΣΕΝ ΕΙΣ ΗΛΙΚΙΑΝ 107 ΕΤΩΝ

ΛΑΡΙΣΑ, 11. — Ἀπεβίωσεν εἰς ἡλικίαν 107 ἐτῶν.

ΗΛΕΚΤΡΟΦΩΤΙΣΜΟΣ ΕΙΣ ΔΩΔΕΚΑΝΗΣΟΝ

ΡΟΔΟΣ, 11. — Ἐγκαινιάσθη ὁ ἠλεκτροφωτισμὸς εἰς Δωδεκάνησον.

ΑΙ ΑΓΕΛΑΙΟΤΡΟΦΟΙ ΑΤΤΙΚΗΣ ΔΙΑΜΑΡΤΥΡΟΝΤΑΙ

Ὁ Σύλλογος Ἀγελαιοτρόφων Ἀττικῆς διαμαρτύρεται διὰ τὴν τιμὴν τοῦ γάλακτος.
